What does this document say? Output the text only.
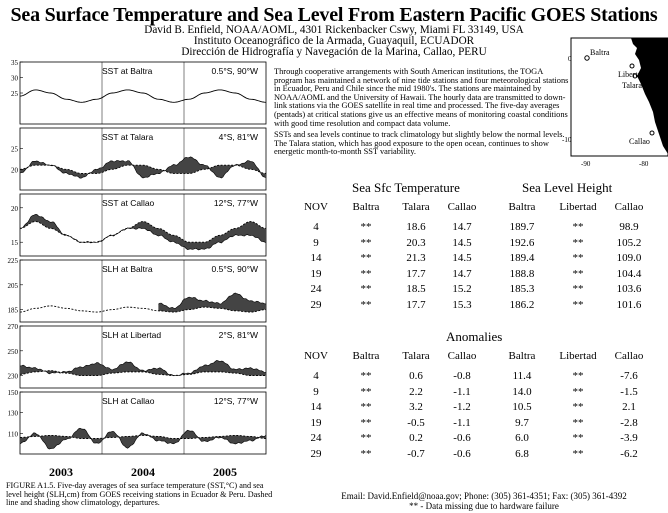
Sea Surface Temperature and Sea Level From Eastern Pacific GOES Stations
David B. Enfield, NOAA/AOML, 4301 Rickenbacker Cswy, Miami FL 33149, USA
Instituto Oceanográfico de la Armada, Guayaquil, ECUADOR
Dirección de Hidrografía y Navegación de la Marina, Callao, PERU	Baltra
Libertad
Talara
Callao
0
-10
-90	-80
35
30
25
SST at Baltra	0.5°S, 90°W
25
20
SST at Talara	4°S, 81°W
20
15
SST at Callao	12°S, 77°W
225
205
185
SLH at Baltra	0.5°S, 90°W
270
250
230
SLH at Libertad	2°S, 81°W
150
130
110
SLH at Callao	12°S, 77°W
2003	2004	2005

Through cooperative arrangements with South American institutions, the TOGA program has maintained a network of nine tide stations and four meteorological stations in Ecuador, Peru and Chile since the mid 1980's. The stations are maintained by NOAA/AOML and the University of Hawaii. The hourly data are transmitted to down-link stations via the GOES satellite in real time and processed. The five-day averages (pentads) at critical stations give us an effective means of monitoring coastal conditions with good time resolution and compact data volume.

SSTs and sea levels continue to track climatology but slightly below the normal levels. The Talara station, which has good exposure to the open ocean, continues to show energetic month-to-month SST variability.

Sea Sfc Temperature	Sea Level Height
Anomalies
NOV	Baltra	Talara	Callao	Baltra	Libertad	Callao
4	**	18.6	14.7	189.7	**	98.9
9	**	20.3	14.5	192.6	**	105.2
14	**	21.3	14.5	189.4	**	109.0
19	**	17.7	14.7	188.8	**	104.4
24	**	18.5	15.2	185.3	**	103.6
29	**	17.7	15.3	186.2	**	101.6
NOV	Baltra	Talara	Callao	Baltra	Libertad	Callao
4	**	0.6	-0.8	11.4	**	-7.6
9	**	2.2	-1.1	14.0	**	-1.5
14	**	3.2	-1.2	10.5	**	2.1
19	**	-0.5	-1.1	9.7	**	-2.8
24	**	0.2	-0.6	6.0	**	-3.9
29	**	-0.7	-0.6	6.8	**	-6.2
FIGURE A1.5. Five-day averages of sea surface temperature (SST,°C) and sea level height (SLH,cm) from GOES receiving stations in Ecuador & Peru. Dashed line and shading show climatology, departures.
Email: David.Enfield@noaa.gov; Phone: (305) 361-4351; Fax: (305) 361-4392
** - Data missing due to hardware failure
